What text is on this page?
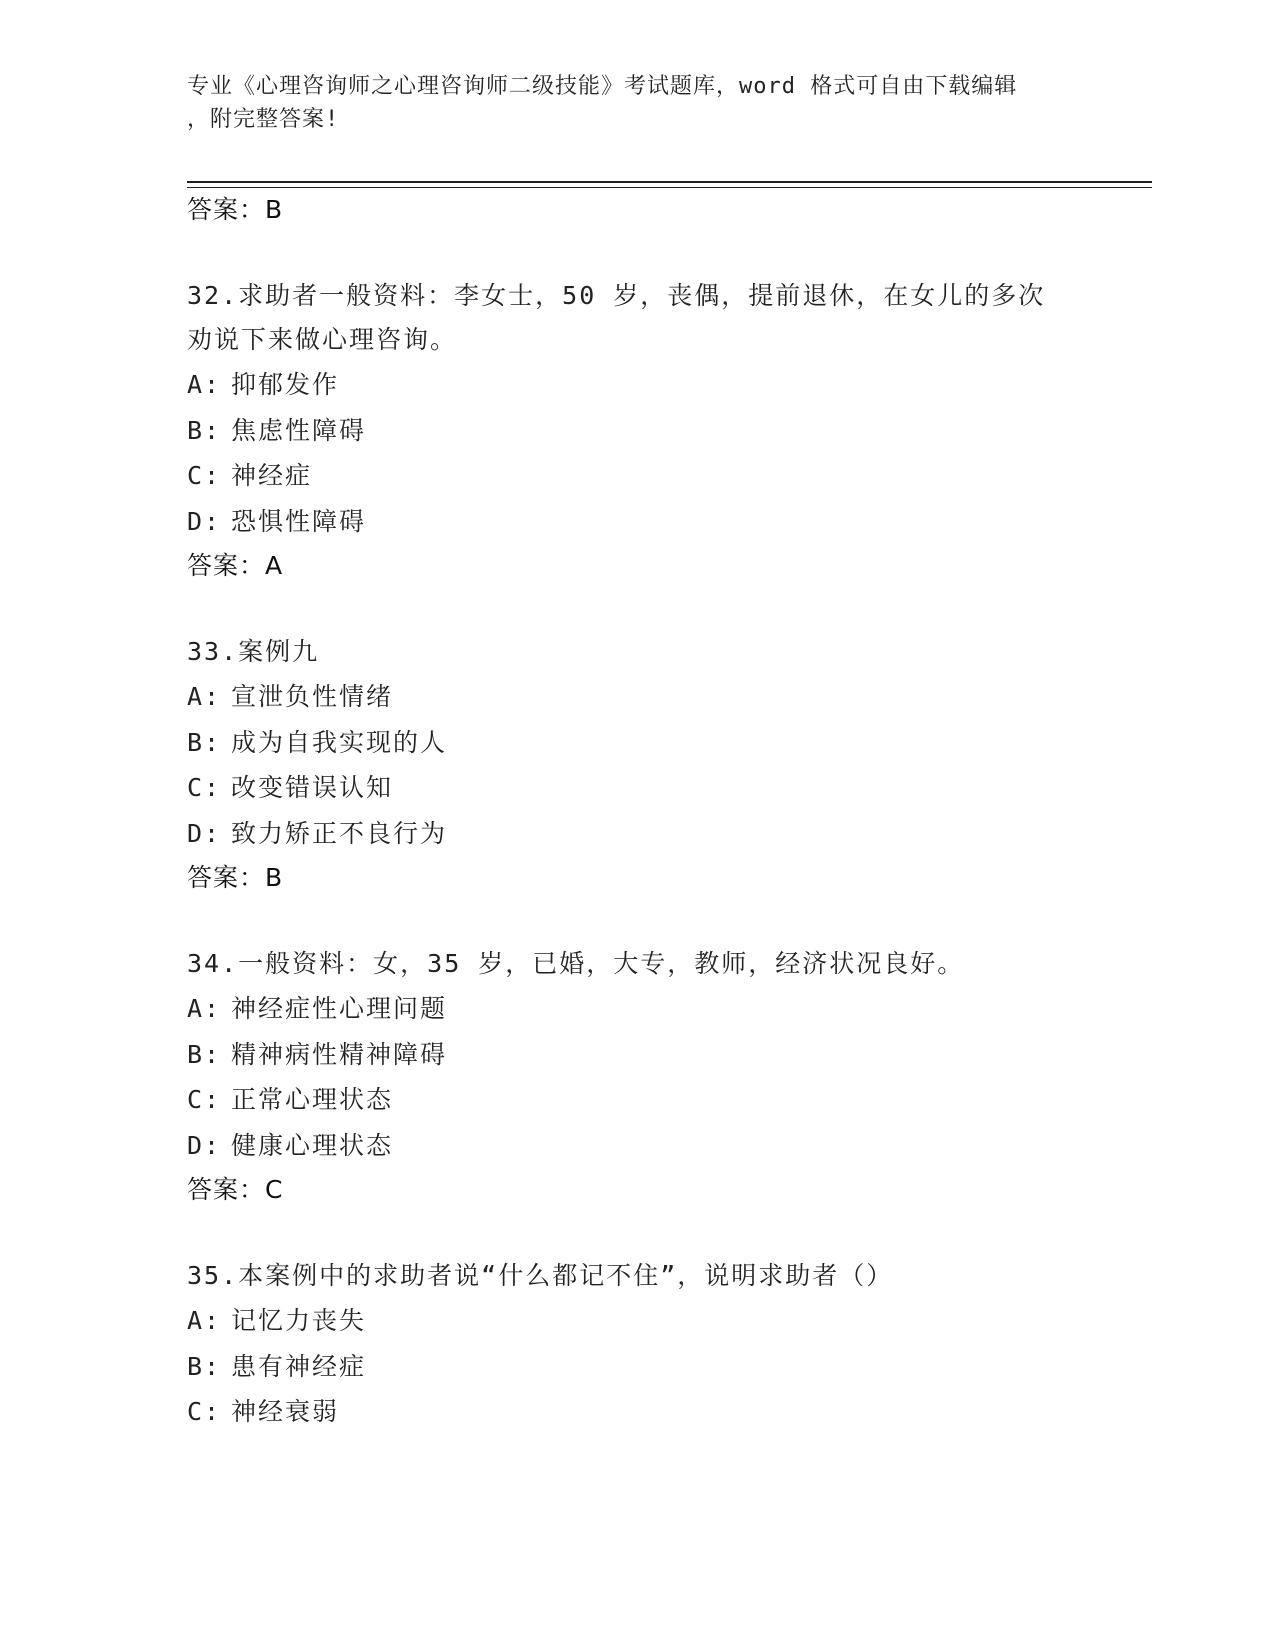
专业《心理咨询师之心理咨询师二级技能》考试题库，word 格式可自由下载编辑

，附完整答案!

答案：B

32.求助者一般资料：李女士，50 岁，丧偶，提前退休，在女儿的多次

劝说下来做心理咨询。

A: 抑郁发作

B: 焦虑性障碍

C: 神经症

D: 恐惧性障碍

答案：A

33.案例九

A: 宣泄负性情绪

B: 成为自我实现的人

C: 改变错误认知

D: 致力矫正不良行为

答案：B

34.一般资料：女，35 岁，已婚，大专，教师，经济状况良好。

A: 神经症性心理问题

B: 精神病性精神障碍

C: 正常心理状态

D: 健康心理状态

答案：C

35.本案例中的求助者说“什么都记不住”，说明求助者（）

A: 记忆力丧失

B: 患有神经症

C: 神经衰弱
